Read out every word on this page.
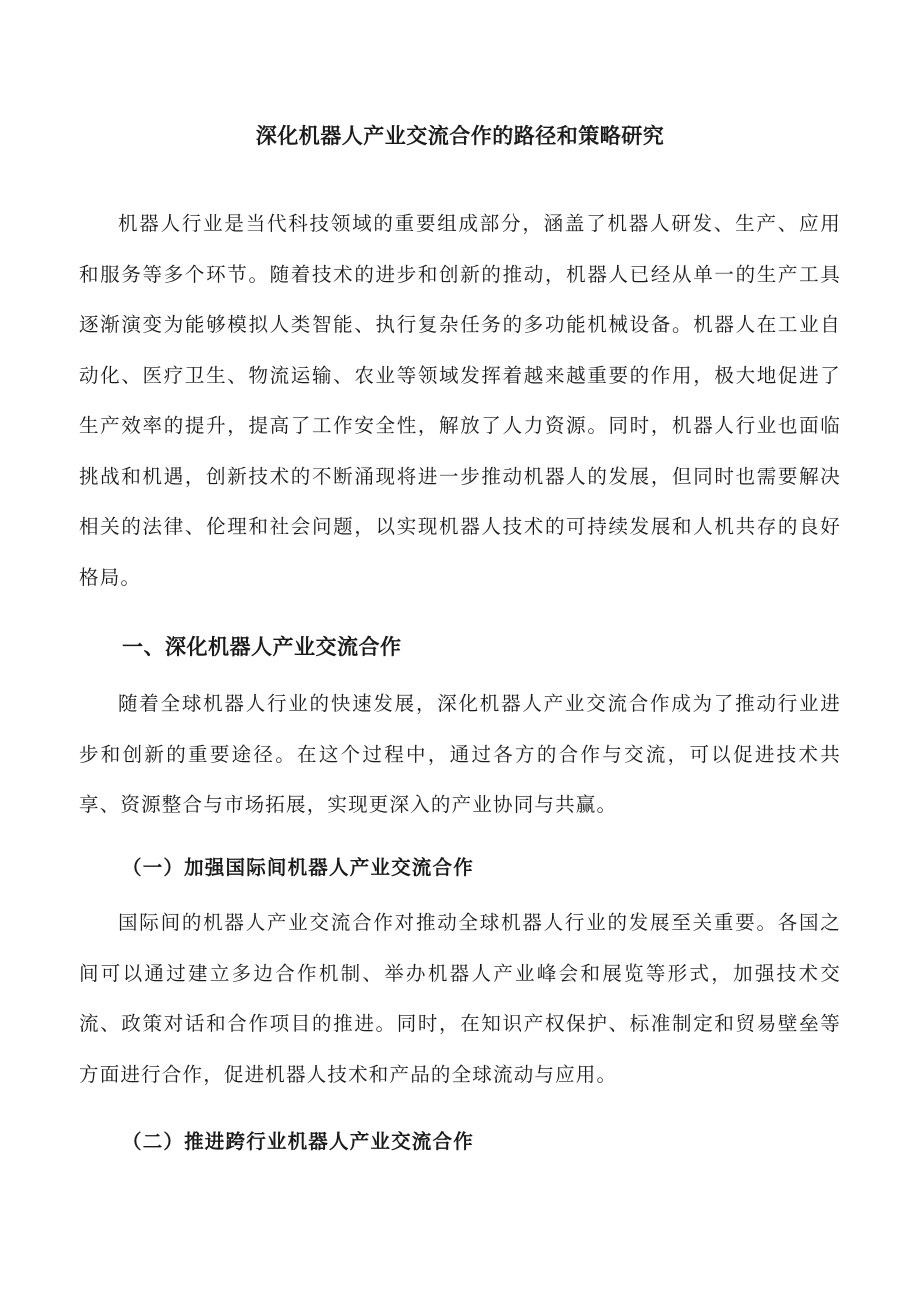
深化机器人产业交流合作的路径和策略研究

机器人行业是当代科技领域的重要组成部分，涵盖了机器人研发、生产、应用和服务等多个环节。随着技术的进步和创新的推动，机器人已经从单一的生产工具逐渐演变为能够模拟人类智能、执行复杂任务的多功能机械设备。机器人在工业自动化、医疗卫生、物流运输、农业等领域发挥着越来越重要的作用，极大地促进了生产效率的提升，提高了工作安全性，解放了人力资源。同时，机器人行业也面临挑战和机遇，创新技术的不断涌现将进一步推动机器人的发展，但同时也需要解决相关的法律、伦理和社会问题，以实现机器人技术的可持续发展和人机共存的良好格局。

一、深化机器人产业交流合作

随着全球机器人行业的快速发展，深化机器人产业交流合作成为了推动行业进步和创新的重要途径。在这个过程中，通过各方的合作与交流，可以促进技术共享、资源整合与市场拓展，实现更深入的产业协同与共赢。

（一）加强国际间机器人产业交流合作

国际间的机器人产业交流合作对推动全球机器人行业的发展至关重要。各国之间可以通过建立多边合作机制、举办机器人产业峰会和展览等形式，加强技术交流、政策对话和合作项目的推进。同时，在知识产权保护、标准制定和贸易壁垒等方面进行合作，促进机器人技术和产品的全球流动与应用。

（二）推进跨行业机器人产业交流合作
